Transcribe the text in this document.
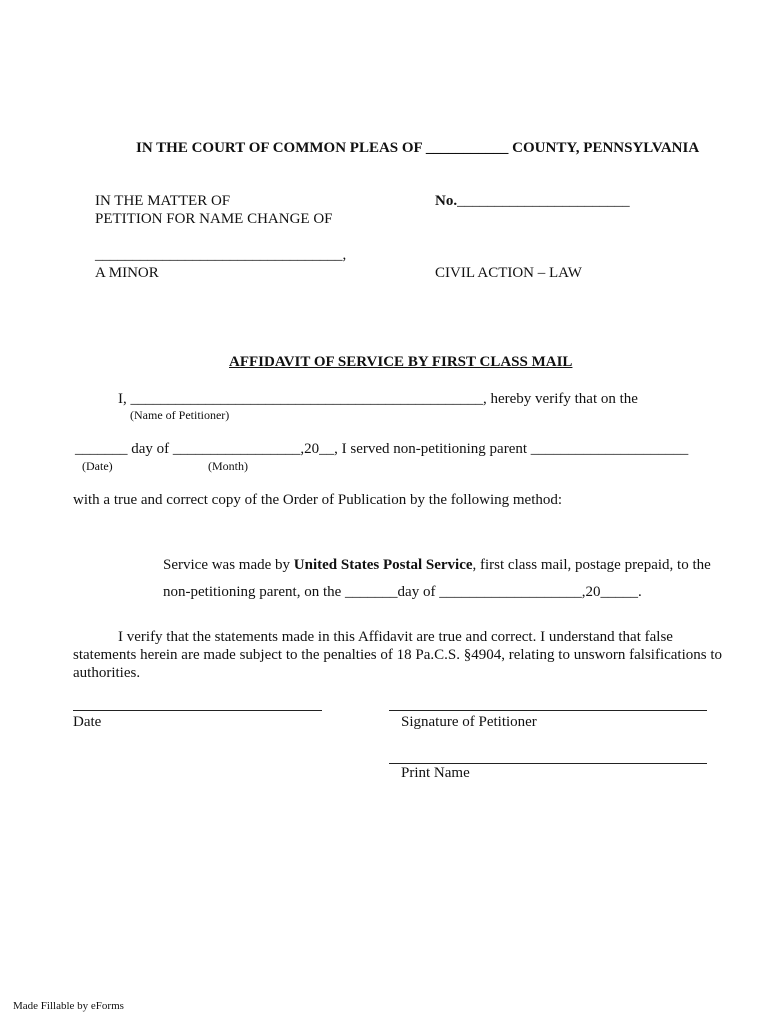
IN THE COURT OF COMMON PLEAS OF ___________ COUNTY, PENNSYLVANIA
IN THE MATTER OF
PETITION FOR NAME CHANGE OF
_________________________________,
A MINOR
No._______________________
CIVIL ACTION – LAW
AFFIDAVIT OF SERVICE BY FIRST CLASS MAIL
I, _______________________________________________, hereby verify that on the
(Name of Petitioner)
_______ day of _________________,20__, I served non-petitioning parent _____________________
(Date)	(Month)
with a true and correct copy of the Order of Publication by the following method:
Service was made by United States Postal Service, first class mail, postage prepaid, to the
non-petitioning parent, on the _______day of ___________________,20_____.
I verify that the statements made in this Affidavit are true and correct. I understand that false statements herein are made subject to the penalties of 18 Pa.C.S. §4904, relating to unsworn falsifications to authorities.
Date	Signature of Petitioner
Print Name
Made Fillable by eForms
